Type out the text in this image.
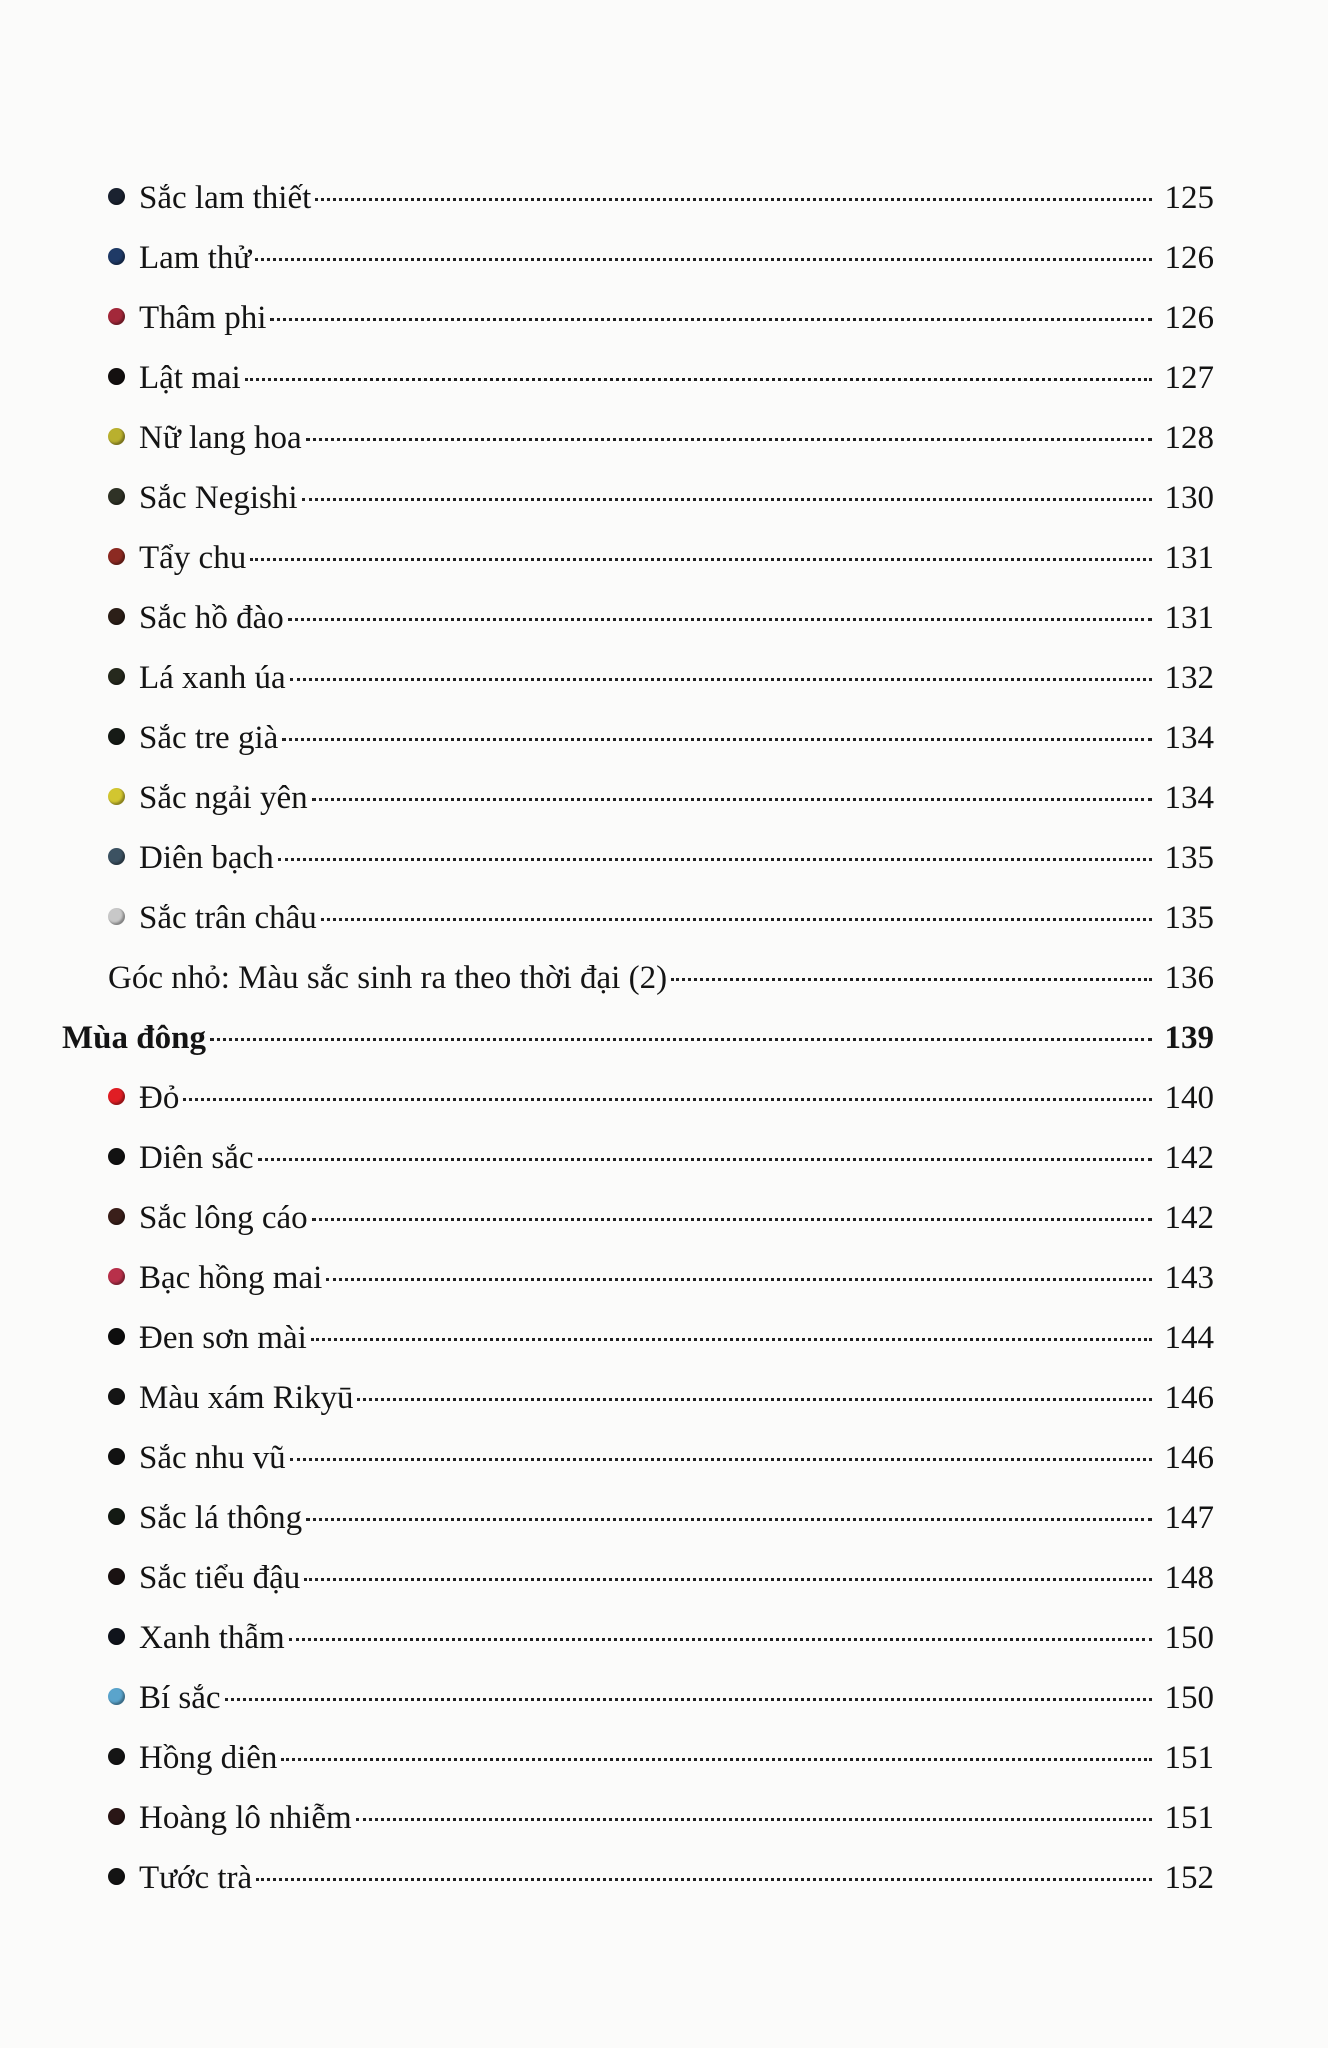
Sắc lam thiết	125
Lam thử	126
Thâm phi	126
Lật mai	127
Nữ lang hoa	128
Sắc Negishi	130
Tẩy chu	131
Sắc hồ đào	131
Lá xanh úa	132
Sắc tre già	134
Sắc ngải yên	134
Diên bạch	135
Sắc trân châu	135
Góc nhỏ: Màu sắc sinh ra theo thời đại (2)	136
Mùa đông	139
Đỏ	140
Diên sắc	142
Sắc lông cáo	142
Bạc hồng mai	143
Đen sơn mài	144
Màu xám Rikyū	146
Sắc nhu vũ	146
Sắc lá thông	147
Sắc tiểu đậu	148
Xanh thẫm	150
Bí sắc	150
Hồng diên	151
Hoàng lô nhiễm	151
Tước trà	152
